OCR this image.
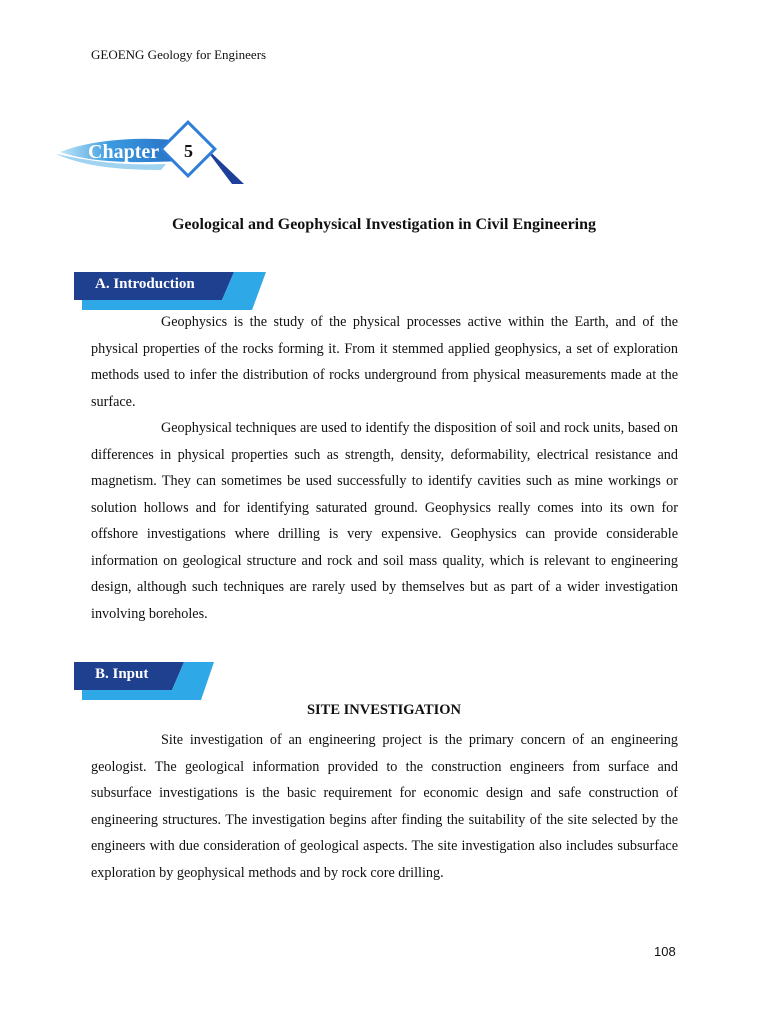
GEOENG Geology for Engineers
Chapter 5
Geological and Geophysical Investigation in Civil Engineering
A. Introduction

Geophysics is the study of the physical processes active within the Earth, and of the physical properties of the rocks forming it. From it stemmed applied geophysics, a set of exploration methods used to infer the distribution of rocks underground from physical measurements made at the surface.

Geophysical techniques are used to identify the disposition of soil and rock units, based on differences in physical properties such as strength, density, deformability, electrical resistance and magnetism. They can sometimes be used successfully to identify cavities such as mine workings or solution hollows and for identifying saturated ground. Geophysics really comes into its own for offshore investigations where drilling is very expensive. Geophysics can provide considerable information on geological structure and rock and soil mass quality, which is relevant to engineering design, although such techniques are rarely used by themselves but as part of a wider investigation involving boreholes.

B. Input
SITE INVESTIGATION

Site investigation of an engineering project is the primary concern of an engineering geologist. The geological information provided to the construction engineers from surface and subsurface investigations is the basic requirement for economic design and safe construction of engineering structures. The investigation begins after finding the suitability of the site selected by the engineers with due consideration of geological aspects. The site investigation also includes subsurface exploration by geophysical methods and by rock core drilling.

108
